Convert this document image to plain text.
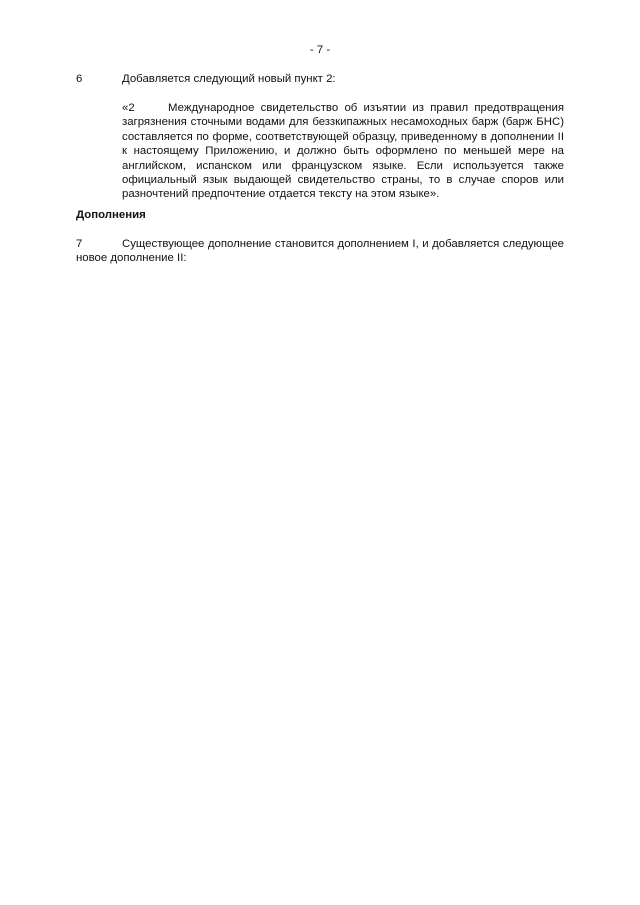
- 7 -
6	Добавляется следующий новый пункт 2:
«2	Международное свидетельство об изъятии из правил предотвращения загрязнения сточными водами для беззкипажных несамоходных барж (барж БНС) составляется по форме, соответствующей образцу, приведенному в дополнении II к настоящему Приложению, и должно быть оформлено по меньшей мере на английском, испанском или французском языке. Если используется также официальный язык выдающей свидетельство страны, то в случае споров или разночтений предпочтение отдается тексту на этом языке».
Дополнения
7	Существующее дополнение становится дополнением I, и добавляется следующее новое дополнение II:
